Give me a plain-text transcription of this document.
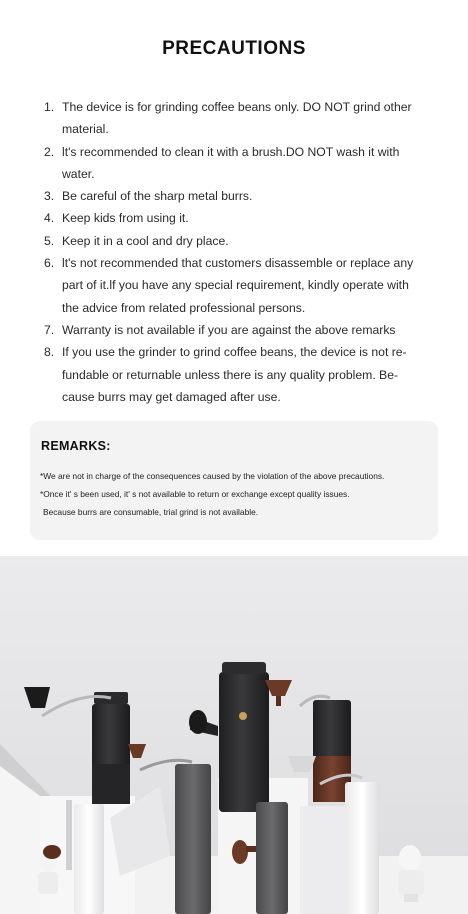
PRECAUTIONS
1. The device is for grinding coffee beans only. DO NOT grind other material.
2. lt's recommended to clean it with a brush.DO NOT wash it with water.
3. Be careful of the sharp metal burrs.
4. Keep kids from using it.
5. Keep it in a cool and dry place.
6. lt's not recommended that customers disassemble or replace any part of it.lf you have any special requirement, kindly operate with the advice from related professional persons.
7. Warranty is not available if you are against the above remarks
8. If you use the grinder to grind coffee beans, the device is not re-fundable or returnable unless there is any quality problem. Be-cause burrs may get damaged after use.
REMARKS:
*We are not in charge of the consequences caused by the violation of the above precautions.
*Once it' s been used, it' s not available to return or exchange except quality issues.
Because burrs are consumable, trial grind is not available.
